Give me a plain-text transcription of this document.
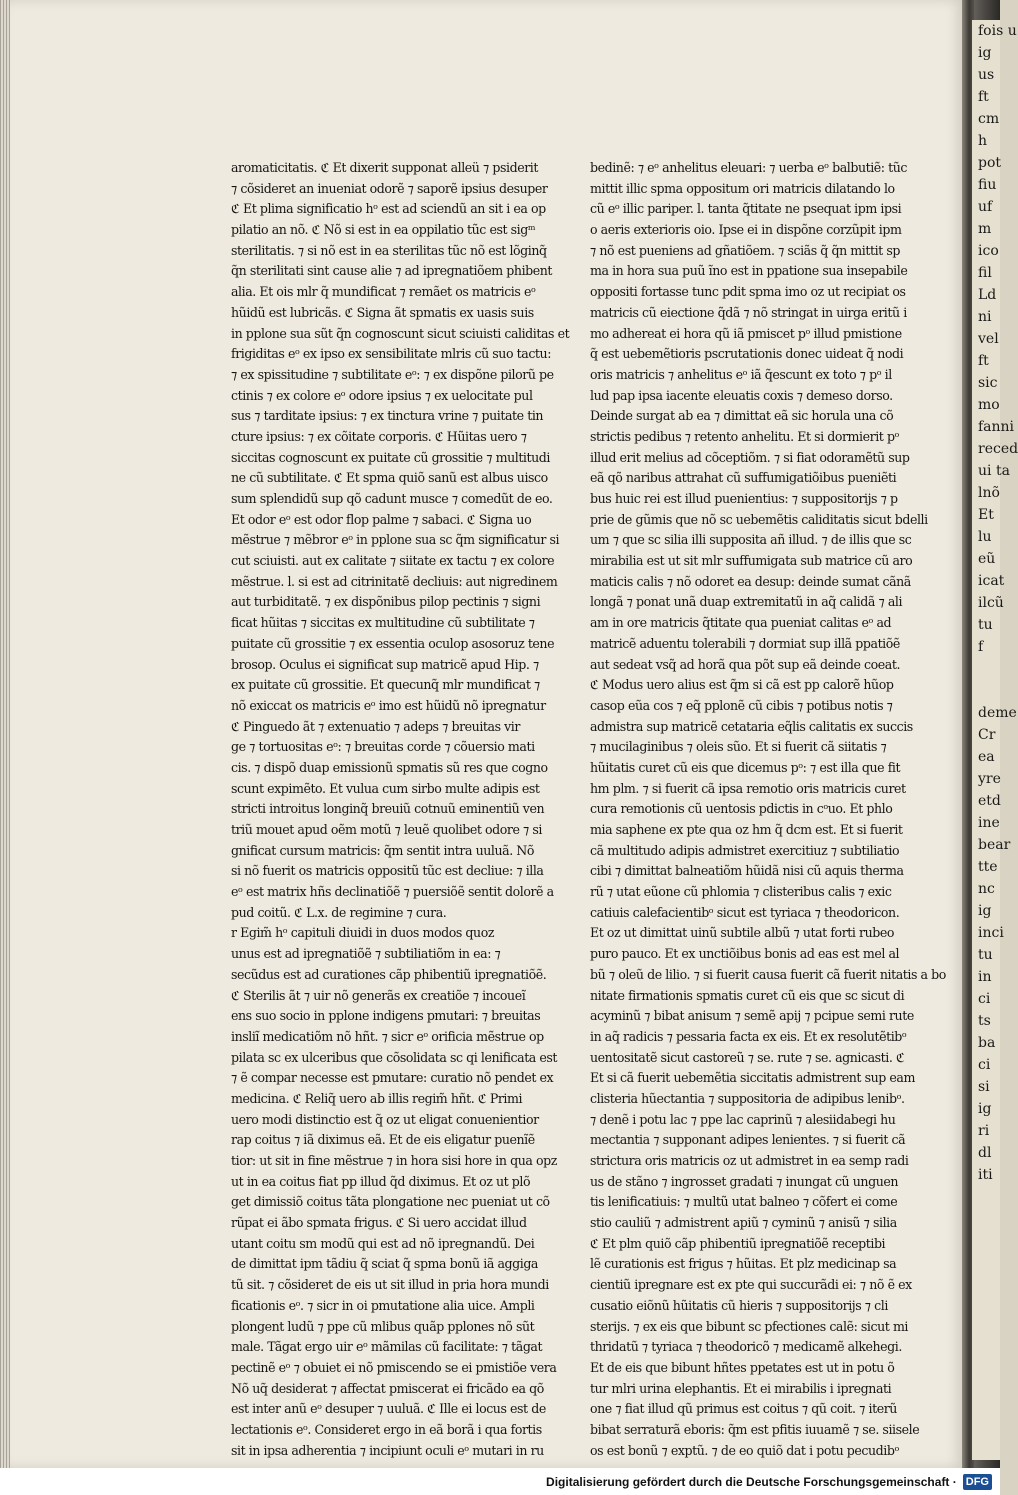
fois u
ig
us
ft
cm
h
pot
fiu
uf
m
ico
fil
Ld
ni
vel
ft
sic
mo
fanni
reced
ui ta
lnõ
Et
lu
eũ
icat
ilcũ
tu
f
deme
Cr
ea
yre
etd
ine
bear
tte
nc
ig
inci
tu
in
ci
ts
ba
ci
si
ig
ri
dl
iti
aromaticitatis. ℭ Et dixerit supponat alleü ⁊ psiderit
⁊ cõsideret an inueniat odorẽ ⁊ saporẽ ipsius desuper
ℭ Et plima significatio hᵒ est ad sciendũ an sit i ea op
pilatio an nõ. ℭ Nõ si est in ea oppilatio tũc est sigᵐ
sterilitatis. ⁊ si nõ est in ea sterilitas tũc nõ est lõginq̃
q̃n sterilitati sint cause alie ⁊ ad ipregnatiõem phibent
alia. Et ois mlr q̃ mundificat ⁊ remãet os matricis eᵒ
hũidũ est lubricãs. ℭ Signa ãt spmatis ex uasis suis
in pplone sua sũt q̃n cognoscunt sicut sciuisti caliditas et
frigiditas eᵒ ex ipso ex sensibilitate mlris cũ suo tactu:
⁊ ex spissitudine ⁊ subtilitate eᵒ: ⁊ ex dispõne pilorũ pe
ctinis ⁊ ex colore eᵒ odore ipsius ⁊ ex uelocitate pul
sus ⁊ tarditate ipsius: ⁊ ex tinctura vrine ⁊ puitate tin
cture ipsius: ⁊ ex cõitate corporis. ℭ Hũitas uero ⁊
siccitas cognoscunt ex puitate cũ grossitie ⁊ multitudi
ne cũ subtilitate. ℭ Et spma quiõ sanũ est albus uisco
sum splendidũ sup qõ cadunt musce ⁊ comedũt de eo.
Et odor eᵒ est odor flop palme ⁊ sabaci. ℭ Signa uo
mẽstrue ⁊ mẽbror eᵒ in pplone sua sc q̃m significatur si
cut sciuisti. aut ex calitate ⁊ siitate ex tactu ⁊ ex colore
mẽstrue. l. si est ad citrinitatẽ decliuis: aut nigredinem
aut turbiditatẽ. ⁊ ex dispõnibus pilop pectinis ⁊ signi
ficat hũitas ⁊ siccitas ex multitudine cũ subtilitate ⁊
puitate cũ grossitie ⁊ ex essentia oculop asosoruz tene
brosop. Oculus ei significat sup matricẽ apud Hip. ⁊
ex puitate cũ grossitie. Et quecunq̃ mlr mundificat ⁊
nõ exiccat os matricis eᵒ imo est hũidũ nõ ipregnatur
ℭ Pinguedo ãt ⁊ extenuatio ⁊ adeps ⁊ breuitas vir
ge ⁊ tortuositas eᵒ: ⁊ breuitas corde ⁊ cõuersio mati
cis. ⁊ dispõ duap emissionũ spmatis sũ res que cogno
scunt expimẽto. Et vulua cum sirbo multe adipis est
stricti introitus longinq̃ breuiũ cotnuũ eminentiũ ven
triũ mouet apud oẽm motũ ⁊ leuẽ quolibet odore ⁊ si
gnificat cursum matricis: q̃m sentit intra uuluã. Nõ
si nõ fuerit os matricis oppositũ tũc est decliue: ⁊ illa
eᵒ est matrix hñs declinatiõẽ ⁊ puersiõẽ sentit dolorẽ a
pud coitũ. ℭ L.x. de regimine ⁊ cura.
r Egim̃ hᵒ capituli diuidi in duos modos quoz
unus est ad ipregnatiõẽ ⁊ subtiliatiõm in ea: ⁊
secũdus est ad curationes cãp phibentiũ ipregnatiõẽ.
ℭ Sterilis ãt ⁊ uir nõ generãs ex creatiõe ⁊ incoueĩ
ens suo socio in pplone indigens pmutari: ⁊ breuitas
insliĩ medicatiõm nõ hñt. ⁊ sicr eᵒ orificia mẽstrue op
pilata sc ex ulceribus que cõsolidata sc qi lenificata est
⁊ ẽ compar necesse est pmutare: curatio nõ pendet ex
medicina. ℭ Reliq̃ uero ab illis regim̃ hñt. ℭ Primi
uero modi distinctio est q̃ oz ut eligat conuenientior
rap coitus ⁊ iã diximus eã. Et de eis eligatur puenĩẽ
tior: ut sit in fine mẽstrue ⁊ in hora sisi hore in qua opz
ut in ea coitus fiat pp illud q̃d diximus. Et oz ut plõ
get dimissiõ coitus tãta plongatione nec pueniat ut cõ
rũpat ei ãbo spmata frigus. ℭ Si uero accidat illud
utant coitu sm modũ qui est ad nõ ipregnandũ. Dei
de dimittat ipm tãdiu q̃ sciat q̃ spma bonũ iã aggiga
tũ sit. ⁊ cõsideret de eis ut sit illud in pria hora mundi
ficationis eᵒ. ⁊ sicr in oi pmutatione alia uice. Ampli
plongent ludũ ⁊ ppe cũ mlibus quãp pplones nõ sũt
male. Tãgat ergo uir eᵒ mãmilas cũ facilitate: ⁊ tãgat
pectinẽ eᵒ ⁊ obuiet ei nõ pmiscendo se ei pmistiõe vera
Nõ uq̃ desiderat ⁊ affectat pmiscerat ei fricãdo ea qõ
est inter anũ eᵒ desuper ⁊ uuluã. ℭ Ille ei locus est de
lectationis eᵒ. Consideret ergo in eã borã i qua fortis
sit in ipsa adherentia ⁊ incipiunt oculi eᵒ mutari in ru
bedinẽ: ⁊ eᵒ anhelitus eleuari: ⁊ uerba eᵒ balbutiẽ: tũc
mittit illic spma oppositum ori matricis dilatando lo
cũ eᵒ illic pariper. l. tanta q̃titate ne psequat ipm ipsi
o aeris exterioris oio. Ipse ei in dispõne corzũpit ipm
⁊ nõ est pueniens ad gñatiõem. ⁊ sciãs q̃ q̃n mittit sp
ma in hora sua puũ ĩno est in ppatione sua insepabile
oppositi fortasse tunc pdit spma imo oz ut recipiat os
matricis cũ eiectione q̃dã ⁊ nõ stringat in uirga eritũ i
mo adhereat ei hora qũ iã pmiscet pᵒ illud pmistione
q̃ est uebemẽtioris pscrutationis donec uideat q̃ nodi
oris matricis ⁊ anhelitus eᵒ iã q̃escunt ex toto ⁊ pᵒ il
lud pap ipsa iacente eleuatis coxis ⁊ demeso dorso.
Deinde surgat ab ea ⁊ dimittat eã sic horula una cõ
strictis pedibus ⁊ retento anhelitu. Et si dormierit pᵒ
illud erit melius ad cõceptiõm. ⁊ si fiat odoramẽtũ sup
eã qõ naribus attrahat cũ suffumigatiõibus pueniẽti
bus huic rei est illud puenientius: ⁊ suppositorijs ⁊ p
prie de gũmis que nõ sc uebemẽtis caliditatis sicut bdelli
um ⁊ que sc silia illi supposita añ illud. ⁊ de illis que sc
mirabilia est ut sit mlr suffumigata sub matrice cũ aro
maticis calis ⁊ nõ odoret ea desup: deinde sumat cãnã
longã ⁊ ponat unã duap extremitatũ in aq̃ calidã ⁊ ali
am in ore matricis q̃titate qua pueniat calitas eᵒ ad
matricẽ aduentu tolerabili ⁊ dormiat sup illã ppatiõẽ
aut sedeat vsq̃ ad horã qua põt sup eã deinde coeat.
ℭ Modus uero alius est q̃m si cã est pp calorẽ hũop
casop eũa cos ⁊ eq̃ pplonẽ cũ cibis ⁊ potibus notis ⁊
admistra sup matricẽ cetataria eq̃lis calitatis ex succis
⁊ mucilaginibus ⁊ oleis sũo. Et si fuerit cã siitatis ⁊
hũitatis curet cũ eis que dicemus pᵒ: ⁊ est illa que fit
hm plm. ⁊ si fuerit cã ipsa remotio oris matricis curet
cura remotionis cũ uentosis pdictis in cᵒuo. Et phlo
mia saphene ex pte qua oz hm q̃ dcm est. Et si fuerit
cã multitudo adipis admistret exercitiuz ⁊ subtiliatio
cibi ⁊ dimittat balneatiõm hũidã nisi cũ aquis therma
rũ ⁊ utat eũone cũ phlomia ⁊ clisteribus calis ⁊ exic
catiuis calefacientibᵒ sicut est tyriaca ⁊ theodoricon.
Et oz ut dimittat uinũ subtile albũ ⁊ utat forti rubeo
puro pauco. Et ex unctiõibus bonis ad eas est mel al
bũ ⁊ oleũ de lilio. ⁊ si fuerit causa fuerit cã fuerit nitatis a bo
nitate firmationis spmatis curet cũ eis que sc sicut di
acyminũ ⁊ bibat anisum ⁊ semẽ apij ⁊ pcipue semi rute
in aq̃ radicis ⁊ pessaria facta ex eis. Et ex resolutẽtibᵒ
uentositatẽ sicut castoreũ ⁊ se. rute ⁊ se. agnicasti. ℭ
Et si cã fuerit uebemẽtia siccitatis admistrent sup eam
clisteria hũectantia ⁊ suppositoria de adipibus lenibᵒ.
⁊ denẽ i potu lac ⁊ ppe lac caprinũ ⁊ alesiidabegi hu
mectantia ⁊ supponant adipes lenientes. ⁊ si fuerit cã
strictura oris matricis oz ut admistret in ea semp radi
us de stãno ⁊ ingrosset gradati ⁊ inungat cũ unguen
tis lenificatiuis: ⁊ multũ utat balneo ⁊ cõfert ei come
stio cauliũ ⁊ admistrent apiũ ⁊ cyminũ ⁊ anisũ ⁊ silia
ℭ Et plm quiõ cãp phibentiũ ipregnatiõẽ receptibi
lẽ curationis est frigus ⁊ hũitas. Et plz medicinap sa
cientiũ ipregnare est ex pte qui succurãdi ei: ⁊ nõ ẽ ex
cusatio eiõnũ hũitatis cũ hieris ⁊ suppositorijs ⁊ cli
sterijs. ⁊ ex eis que bibunt sc pfectiones calẽ: sicut mi
thridatũ ⁊ tyriaca ⁊ theodoricõ ⁊ medicamẽ alkehegi.
Et de eis que bibunt hñtes ppetates est ut in potu õ
tur mlri urina elephantis. Et ei mirabilis i ipregnati
one ⁊ fiat illud qũ primus est coitus ⁊ qũ coit. ⁊ iterũ
bibat serraturã eboris: q̃m est pfitis iuuamẽ ⁊ se. siisele
os est bonũ ⁊ exptũ. ⁊ de eo quiõ dat i potu pecudibᵒ
Digitalisierung gefördert durch die Deutsche Forschungsgemeinschaft · DFG
